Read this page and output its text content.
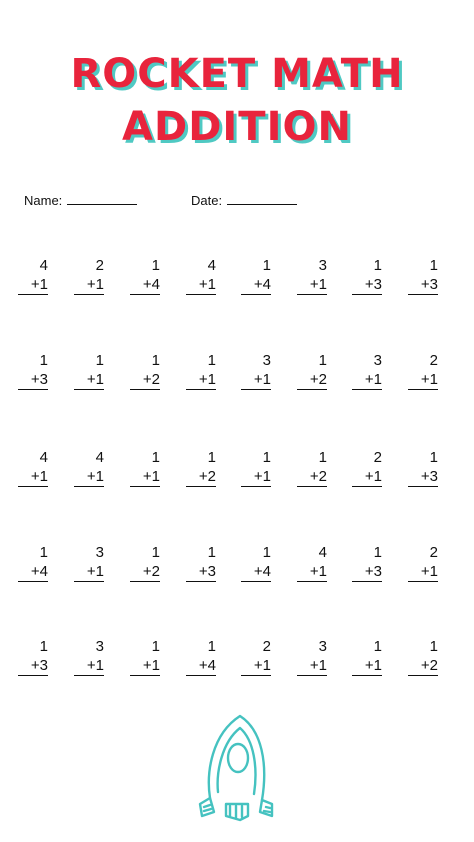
ROCKET MATH
ADDITION
Name:	Date:
4
+1
2
+1
1
+4
4
+1
1
+4
3
+1
1
+3
1
+3
1
+3
1
+1
1
+2
1
+1
3
+1
1
+2
3
+1
2
+1
4
+1
4
+1
1
+1
1
+2
1
+1
1
+2
2
+1
1
+3
1
+4
3
+1
1
+2
1
+3
1
+4
4
+1
1
+3
2
+1
1
+3
3
+1
1
+1
1
+4
2
+1
3
+1
1
+1
1
+2
